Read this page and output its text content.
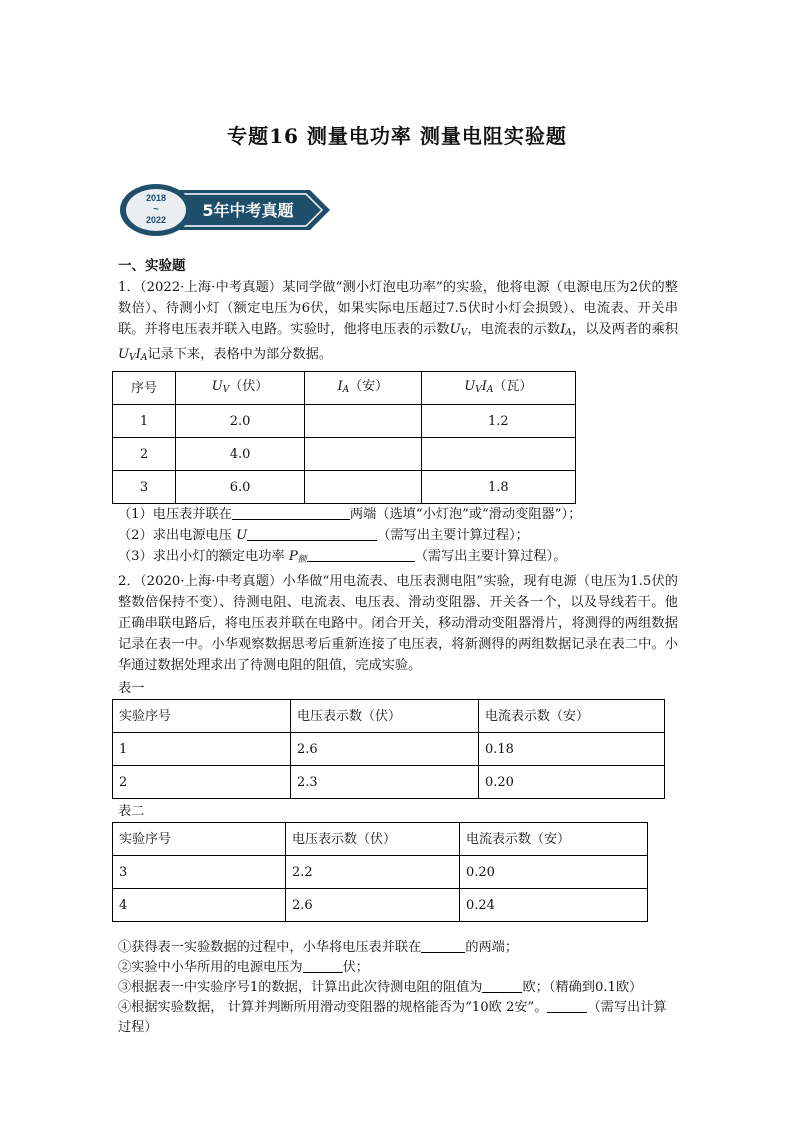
专题16 测量电功率 测量电阻实验题
2018
~
2022 5年中考真题
一、实验题
1．（2022·上海·中考真题）某同学做“测小灯泡电功率”的实验，他将电源（电源电压为2伏的整数倍）、待测小灯（额定电压为6伏，如果实际电压超过7.5伏时小灯会损毁）、电流表、开关串联。并将电压表并联入电路。实验时，他将电压表的示数$U_V$，电流表的示数$I_A$，以及两者的乘积 $U_VI_A$记录下来，表格中为部分数据。
序号	$U_V$（伏）	$I_A$（安）	$U_VI_A$（瓦）
1	2.0		1.2
2	4.0		
3	6.0		1.8
（1）电压表并联在	两端（选填“小灯泡”或“滑动变阻器”）；
（2）求出电源电压 U	（需写出主要计算过程）；
（3）求出小灯的额定电功率 $P_额$	（需写出主要计算过程）。
2．（2020·上海·中考真题）小华做“用电流表、电压表测电阻”实验，现有电源（电压为1.5伏的整数倍保持不变）、待测电阻、电流表、电压表、滑动变阻器、开关各一个，以及导线若干。他正确串联电路后，将电压表并联在电路中。闭合开关，移动滑动变阻器滑片，将测得的两组数据记录在表一中。小华观察数据思考后重新连接了电压表，将新测得的两组数据记录在表二中。小华通过数据处理求出了待测电阻的阻值，完成实验。
表一
实验序号	电压表示数（伏）	电流表示数（安）
1	2.6	0.18
2	2.3	0.20
表二
实验序号	电压表示数（伏）	电流表示数（安）
3	2.2	0.20
4	2.6	0.24
①获得表一实验数据的过程中，小华将电压表并联在	的两端；
②实验中小华所用的电源电压为	伏；
③根据表一中实验序号1的数据，计算出此次待测电阻的阻值为	欧；（精确到0.1欧）
④根据实验数据， 计算并判断所用滑动变阻器的规格能否为“10欧 2安”。	（需写出计算过程）
